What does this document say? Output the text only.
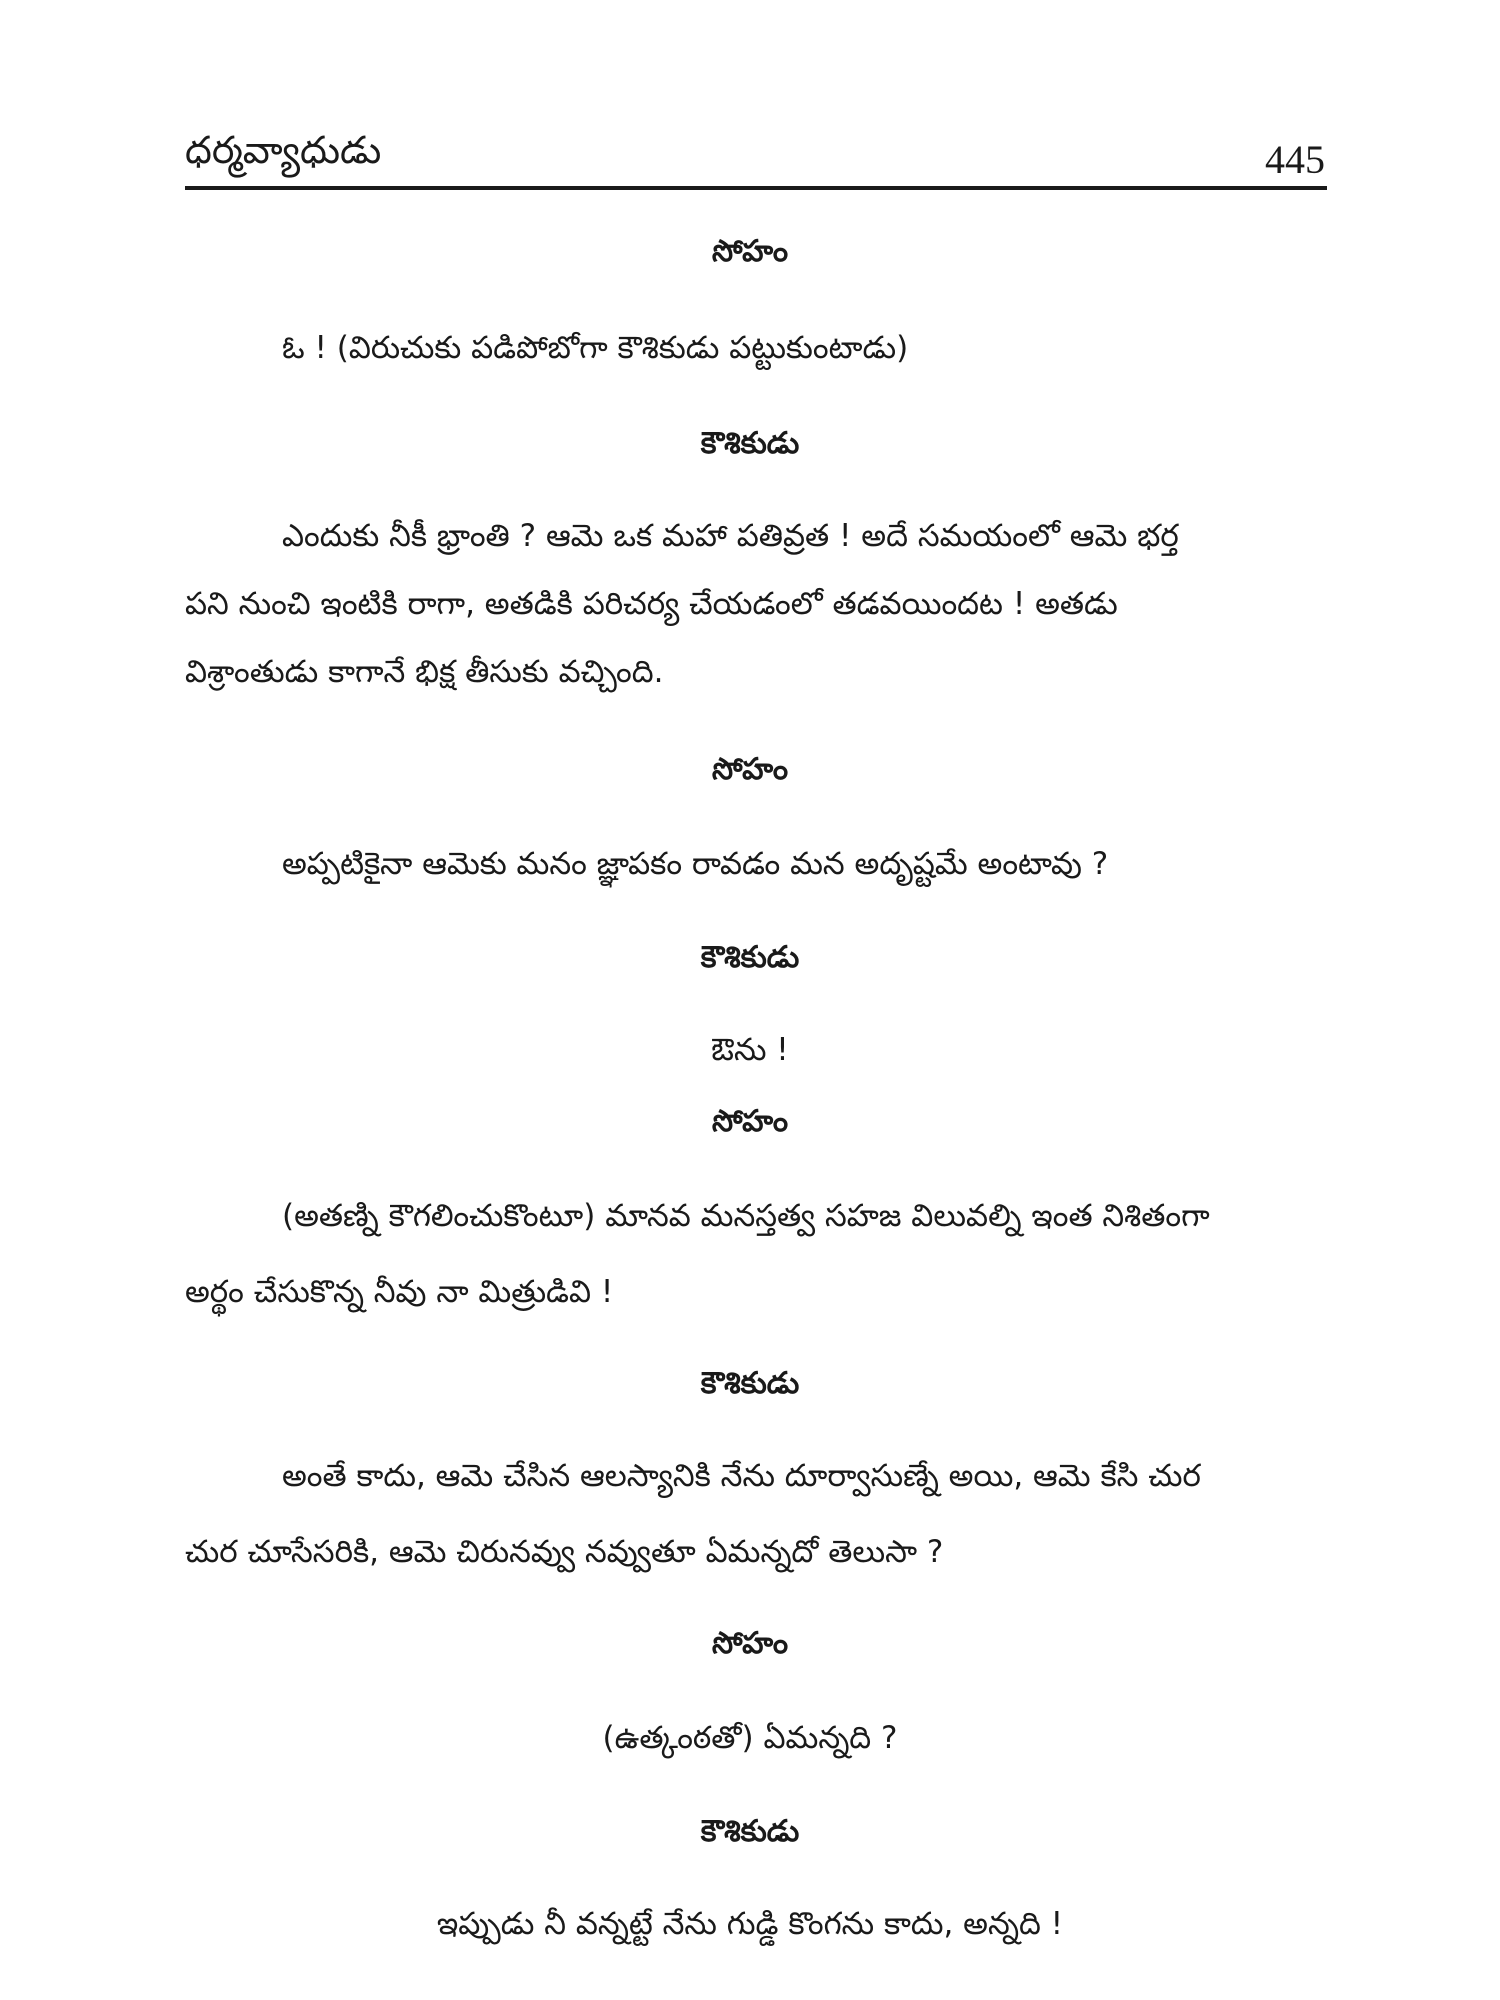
ధర్మవ్యాధుడు	445
సోహం
ఓ ! (విరుచుకు పడిపోబోగా కౌశికుడు పట్టుకుంటాడు)
కౌశికుడు
ఎందుకు నీకీ భ్రాంతి ? ఆమె ఒక మహా పతివ్రత ! అదే సమయంలో ఆమె భర్త
పని నుంచి ఇంటికి రాగా, అతడికి పరిచర్య చేయడంలో తడవయిందట ! అతడు
విశ్రాంతుడు కాగానే భిక్ష తీసుకు వచ్చింది.
సోహం
అప్పటికైనా ఆమెకు మనం జ్ఞాపకం రావడం మన అదృష్టమే అంటావు ?
కౌశికుడు
ఔను !
సోహం
(అతణ్ని కౌగలించుకొంటూ) మానవ మనస్తత్వ సహజ విలువల్ని ఇంత నిశితంగా
అర్థం చేసుకొన్న నీవు నా మిత్రుడివి !
కౌశికుడు
అంతే కాదు, ఆమె చేసిన ఆలస్యానికి నేను దూర్వాసుణ్నే అయి, ఆమె కేసి చుర
చుర చూసేసరికి, ఆమె చిరునవ్వు నవ్వుతూ ఏమన్నదో తెలుసా ?
సోహం
(ఉత్కంఠతో) ఏమన్నది ?
కౌశికుడు
ఇప్పుడు నీ వన్నట్టే నేను గుడ్డి కొంగను కాదు, అన్నది !
